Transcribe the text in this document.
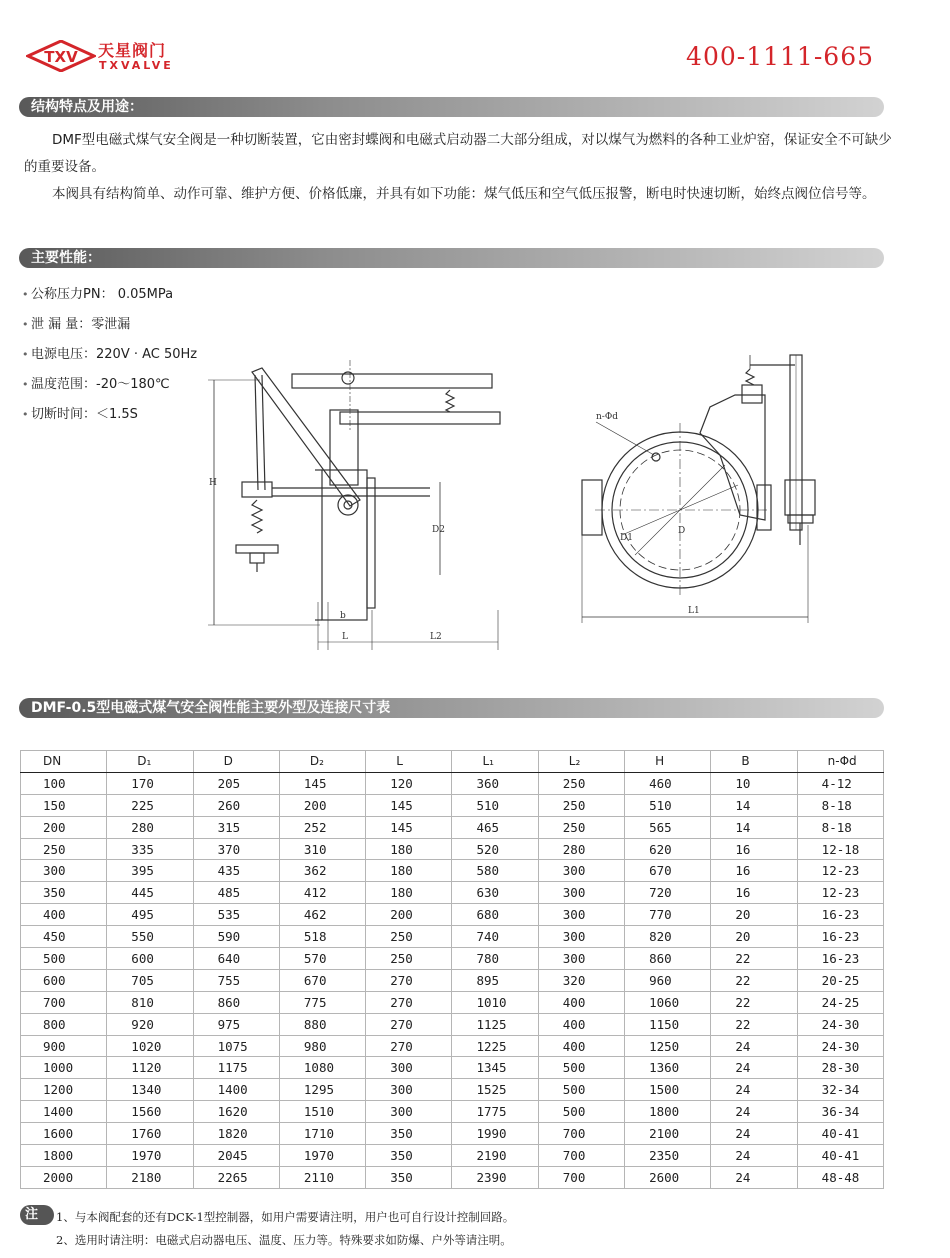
TXV 天星阀门
TXVALVE	400-1111-665
结构特点及用途：
DMF型电磁式煤气安全阀是一种切断装置，它由密封蝶阀和电磁式启动器二大部分组成，对以煤气为燃料的各种工业炉窑，保证安全不可缺少的重要设备。
本阀具有结构简单、动作可靠、维护方便、价格低廉，并具有如下功能：煤气低压和空气低压报警，断电时快速切断，始终点阀位信号等。
主要性能：
• 公称压力PN： 0.05MPa
• 泄 漏 量：零泄漏
• 电源电压：220V · AC 50Hz
• 温度范围：-20～180℃
• 切断时间：＜1.5S
H
D2
b
L	L2
D1
D
n-Φd
L1
DMF-0.5型电磁式煤气安全阀性能主要外型及连接尺寸表
DN	D₁	D	D₂	L	L₁	L₂	H	B	n-Φd
100	170	205	145	120	360	250	460	10	4-12
150	225	260	200	145	510	250	510	14	8-18
200	280	315	252	145	465	250	565	14	8-18
250	335	370	310	180	520	280	620	16	12-18
300	395	435	362	180	580	300	670	16	12-23
350	445	485	412	180	630	300	720	16	12-23
400	495	535	462	200	680	300	770	20	16-23
450	550	590	518	250	740	300	820	20	16-23
500	600	640	570	250	780	300	860	22	16-23
600	705	755	670	270	895	320	960	22	20-25
700	810	860	775	270	1010	400	1060	22	24-25
800	920	975	880	270	1125	400	1150	22	24-30
900	1020	1075	980	270	1225	400	1250	24	24-30
1000	1120	1175	1080	300	1345	500	1360	24	28-30
1200	1340	1400	1295	300	1525	500	1500	24	32-34
1400	1560	1620	1510	300	1775	500	1800	24	36-34
1600	1760	1820	1710	350	1990	700	2100	24	40-41
1800	1970	2045	1970	350	2190	700	2350	24	40-41
2000	2180	2265	2110	350	2390	700	2600	24	48-48
注	1、与本阀配套的还有DCK-1型控制器，如用户需要请注明，用户也可自行设计控制回路。
2、选用时请注明：电磁式启动器电压、温度、压力等。特殊要求如防爆、户外等请注明。
